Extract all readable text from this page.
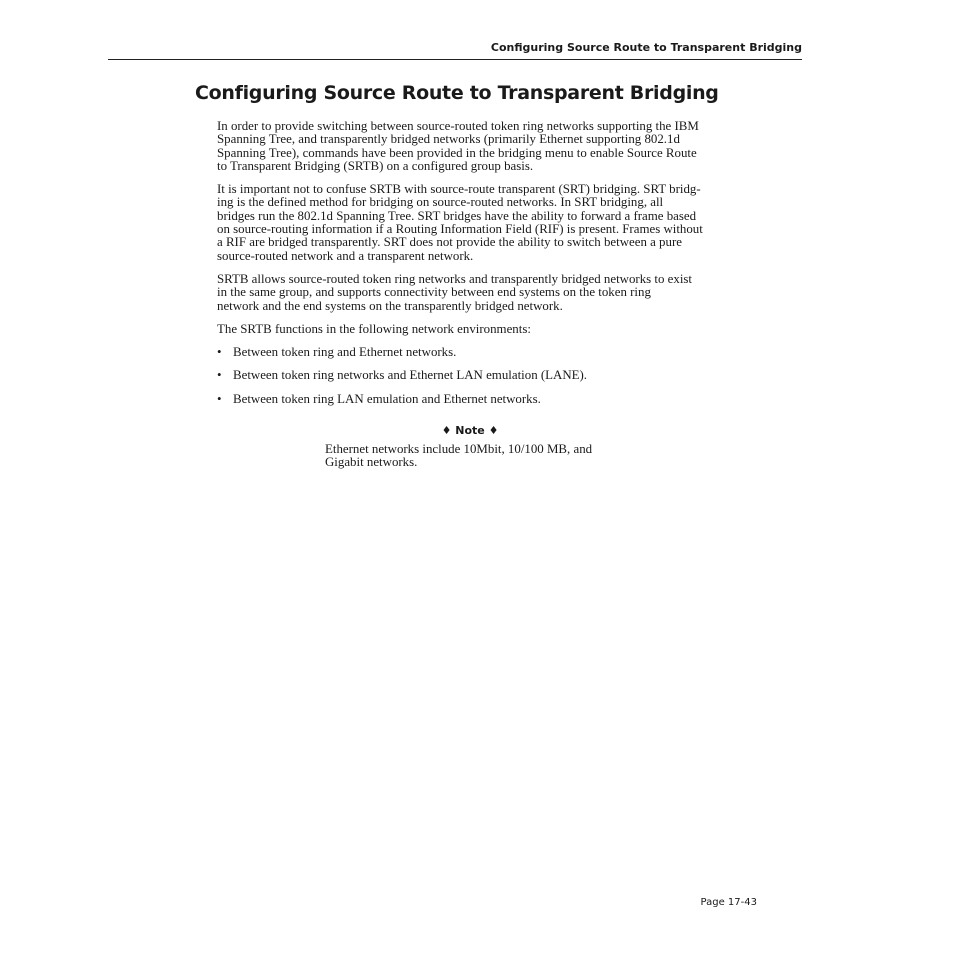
Configuring Source Route to Transparent Bridging
Configuring Source Route to Transparent Bridging

In order to provide switching between source-routed token ring networks supporting the IBM
Spanning Tree, and transparently bridged networks (primarily Ethernet supporting 802.1d
Spanning Tree), commands have been provided in the bridging menu to enable Source Route
to Transparent Bridging (SRTB) on a configured group basis.

It is important not to confuse SRTB with source-route transparent (SRT) bridging. SRT bridg-
ing is the defined method for bridging on source-routed networks. In SRT bridging, all
bridges run the 802.1d Spanning Tree. SRT bridges have the ability to forward a frame based
on source-routing information if a Routing Information Field (RIF) is present. Frames without
a RIF are bridged transparently. SRT does not provide the ability to switch between a pure
source-routed network and a transparent network.

SRTB allows source-routed token ring networks and transparently bridged networks to exist
in the same group, and supports connectivity between end systems on the token ring
network and the end systems on the transparently bridged network.

The SRTB functions in the following network environments:

• Between token ring and Ethernet networks.
• Between token ring networks and Ethernet LAN emulation (LANE).
• Between token ring LAN emulation and Ethernet networks.
♦ Note ♦
Ethernet networks include 10Mbit, 10/100 MB, and
Gigabit networks.
Page 17-43
